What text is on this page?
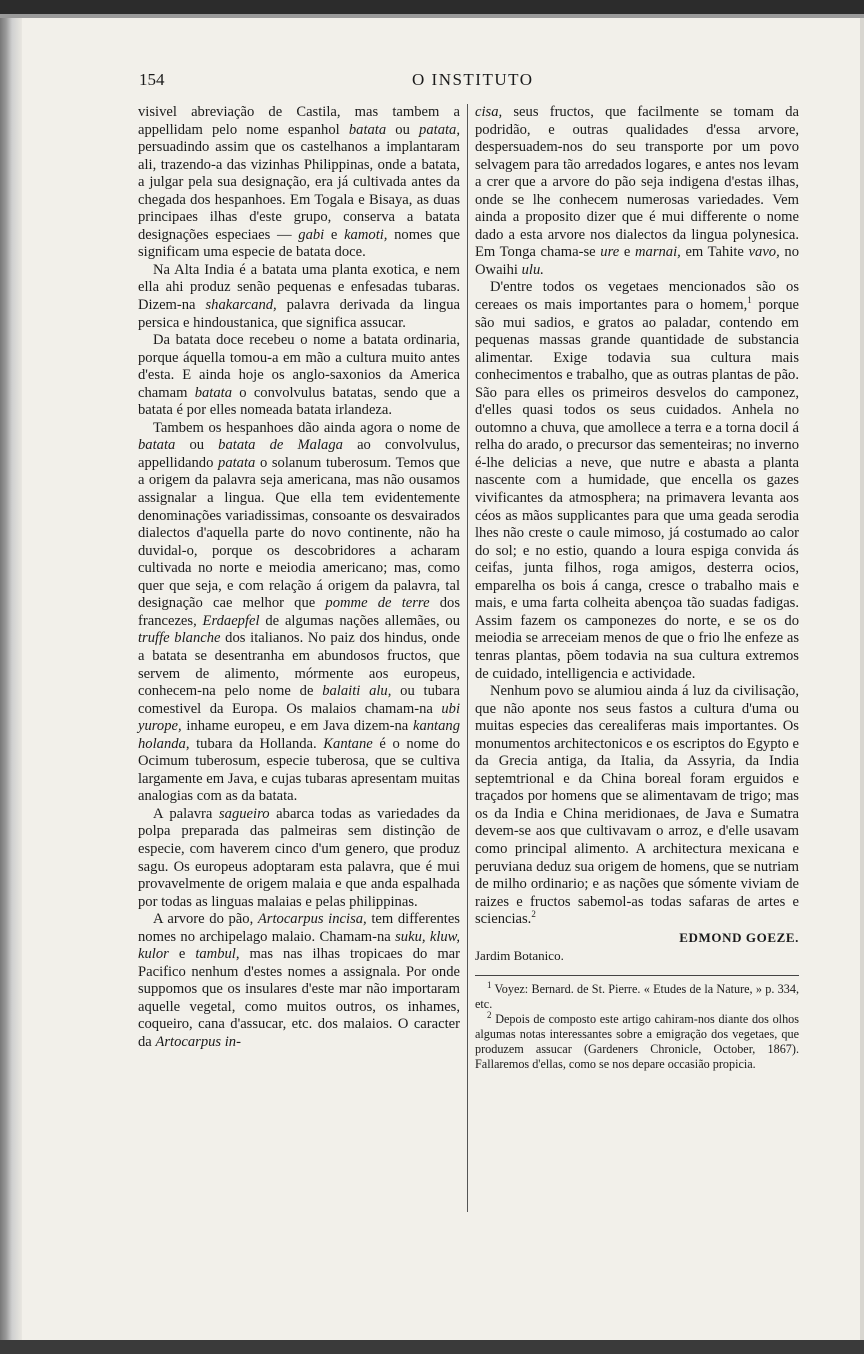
154	O INSTITUTO

visivel abreviação de Castila, mas tambem a appellidam pelo nome espanhol batata ou patata, persuadindo assim que os castelhanos a implantaram ali, trazendo-a das vizinhas Philippinas, onde a batata, a julgar pela sua designação, era já cultivada antes da chegada dos hespanhoes. Em Togala e Bisaya, as duas principaes ilhas d'este grupo, conserva a batata designações especiaes — gabi e kamoti, nomes que significam uma especie de batata doce.

Na Alta India é a batata uma planta exotica, e nem ella ahi produz senão pequenas e enfesadas tubaras. Dizem-na shakarcand, palavra derivada da lingua persica e hindoustanica, que significa assucar.

Da batata doce recebeu o nome a batata ordinaria, porque áquella tomou-a em mão a cultura muito antes d'esta. E ainda hoje os anglo-saxonios da America chamam batata o convolvulus batatas, sendo que a batata é por elles nomeada batata irlandeza.

Tambem os hespanhoes dão ainda agora o nome de batata ou batata de Malaga ao convolvulus, appellidando patata o solanum tuberosum. Temos que a origem da palavra seja americana, mas não ousamos assignalar a lingua. Que ella tem evidentemente denominações variadissimas, consoante os desvairados dialectos d'aquella parte do novo continente, não ha duvidal-o, porque os descobridores a acharam cultivada no norte e meiodia americano; mas, como quer que seja, e com relação á origem da palavra, tal designação cae melhor que pomme de terre dos francezes, Erdaepfel de algumas nações allemães, ou truffe blanche dos italianos. No paiz dos hindus, onde a batata se desentranha em abundosos fructos, que servem de alimento, mórmente aos europeus, conhecem-na pelo nome de balaiti alu, ou tubara comestivel da Europa. Os malaios chamam-na ubi yurope, inhame europeu, e em Java dizem-na kantang holanda, tubara da Hollanda. Kantane é o nome do Ocimum tuberosum, especie tuberosa, que se cultiva largamente em Java, e cujas tubaras apresentam muitas analogias com as da batata.

A palavra sagueiro abarca todas as variedades da polpa preparada das palmeiras sem distinção de especie, com haverem cinco d'um genero, que produz sagu. Os europeus adoptaram esta palavra, que é mui provavelmente de origem malaia e que anda espalhada por todas as linguas malaias e pelas philippinas.

A arvore do pão, Artocarpus incisa, tem differentes nomes no archipelago malaio. Chamam-na suku, kluw, kulor e tambul, mas nas ilhas tropicaes do mar Pacifico nenhum d'estes nomes a assignala. Por onde suppomos que os insulares d'este mar não importaram aquelle vegetal, como muitos outros, os inhames, coqueiro, cana d'assucar, etc. dos malaios. O caracter da Artocarpus in-

cisa, seus fructos, que facilmente se tomam da podridão, e outras qualidades d'essa arvore, despersuadem-nos do seu transporte por um povo selvagem para tão arredados logares, e antes nos levam a crer que a arvore do pão seja indigena d'estas ilhas, onde se lhe conhecem numerosas variedades. Vem ainda a proposito dizer que é mui differente o nome dado a esta arvore nos dialectos da lingua polynesica. Em Tonga chama-se ure e marnai, em Tahite vavo, no Owaihi ulu.

D'entre todos os vegetaes mencionados são os cereaes os mais importantes para o homem,$^1$ porque são mui sadios, e gratos ao paladar, contendo em pequenas massas grande quantidade de substancia alimentar. Exige todavia sua cultura mais conhecimentos e trabalho, que as outras plantas de pão. São para elles os primeiros desvelos do camponez, d'elles quasi todos os seus cuidados. Anhela no outomno a chuva, que amollece a terra e a torna docil á relha do arado, o precursor das sementeiras; no inverno é-lhe delicias a neve, que nutre e abasta a planta nascente com a humidade, que encella os gazes vivificantes da atmosphera; na primavera levanta aos céos as mãos supplicantes para que uma geada serodia lhes não creste o caule mimoso, já costumado ao calor do sol; e no estio, quando a loura espiga convida ás ceifas, junta filhos, roga amigos, desterra ocios, emparelha os bois á canga, cresce o trabalho mais e mais, e uma farta colheita abençoa tão suadas fadigas. Assim fazem os camponezes do norte, e se os do meiodia se arreceiam menos de que o frio lhe enfeze as tenras plantas, põem todavia na sua cultura extremos de cuidado, intelligencia e actividade.

Nenhum povo se alumiou ainda á luz da civilisação, que não aponte nos seus fastos a cultura d'uma ou muitas especies das cerealiferas mais importantes. Os monumentos architectonicos e os escriptos do Egypto e da Grecia antiga, da Italia, da Assyria, da India septemtrional e da China boreal foram erguidos e traçados por homens que se alimentavam de trigo; mas os da India e China meridionaes, de Java e Sumatra devem-se aos que cultivavam o arroz, e d'elle usavam como principal alimento. A architectura mexicana e peruviana deduz sua origem de homens, que se nutriam de milho ordinario; e as nações que sómente viviam de raizes e fructos sabemol-as todas safaras de artes e sciencias.$^2$

EDMOND GOEZE.

Jardim Botanico.

$^1$ Voyez: Bernard. de St. Pierre. « Etudes de la Nature, » p. 334, etc.

$^2$ Depois de composto este artigo cahiram-nos diante dos olhos algumas notas interessantes sobre a emigração dos vegetaes, que produzem assucar (Gardeners Chronicle, October, 1867). Fallaremos d'ellas, como se nos depare occasião propicia.
